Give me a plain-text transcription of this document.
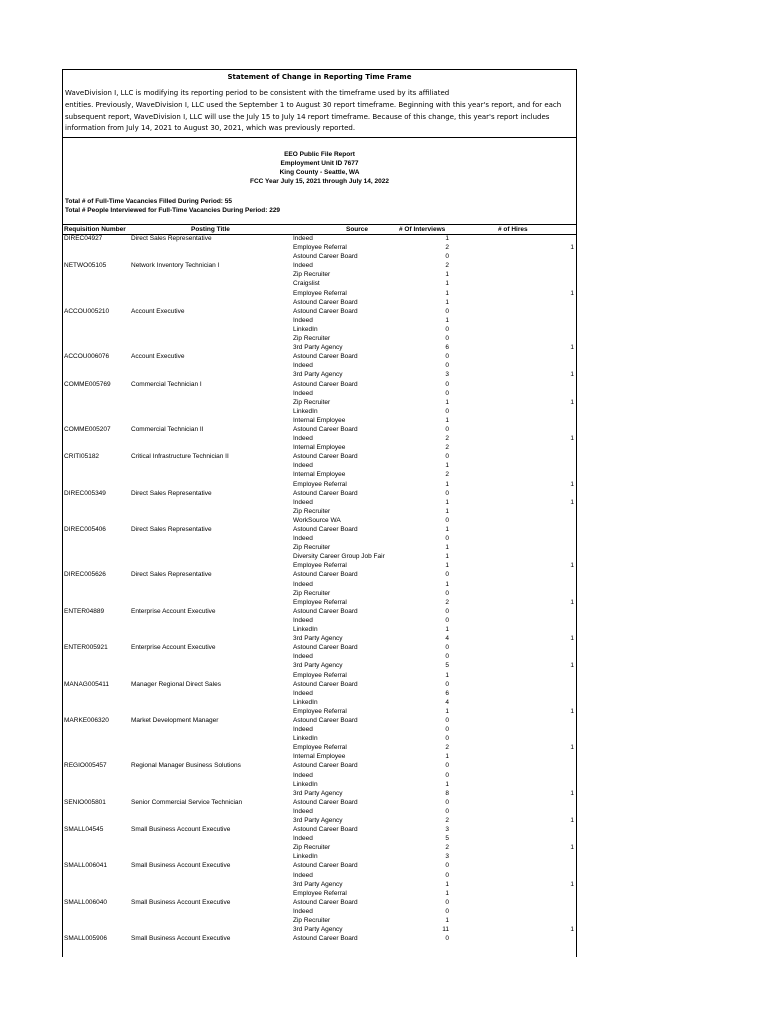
Statement of Change in Reporting Time Frame
WaveDivision I, LLC is modifying its reporting period to be consistent with the timeframe used by its affiliated
entities. Previously, WaveDivision I, LLC used the September 1 to August 30 report timeframe. Beginning with this year's report, and for each
subsequent report, WaveDivision I, LLC will use the July 15 to July 14 report timeframe. Because of this change, this year's report includes
information from July 14, 2021 to August 30, 2021, which was previously reported.
EEO Public File Report
Employment Unit ID 7677
King County - Seattle, WA
FCC Year July 15, 2021 through July 14, 2022
Total # of Full-Time Vacancies Filled During Period: 55
Total # People Interviewed for Full-Time Vacancies During Period: 229
Requisition Number	Posting Title	Source	# Of Interviews	# of Hires
DIREC04927	Direct Sales Representative	Indeed	1
Employee Referral	2	1
Astound Career Board	0
NETWO05105	Network Inventory Technician I	Indeed	2
Zip Recruiter	1
Craigslist	1
Employee Referral	1	1
Astound Career Board	1
ACCOU005210	Account Executive	Astound Career Board	0
Indeed	1
LinkedIn	0
Zip Recruiter	0
3rd Party Agency	6	1
ACCOU006076	Account Executive	Astound Career Board	0
Indeed	0
3rd Party Agency	3	1
COMME005769	Commercial Technician I	Astound Career Board	0
Indeed	0
Zip Recruiter	1	1
LinkedIn	0
Internal Employee	1
COMME005207	Commercial Technician II	Astound Career Board	0
Indeed	2	1
Internal Employee	2
CRITI05182	Critical Infrastructure Technician II	Astound Career Board	0
Indeed	1
Internal Employee	2
Employee Referral	1	1
DIREC005349	Direct Sales Representative	Astound Career Board	0
Indeed	1	1
Zip Recruiter	1
WorkSource WA	0
DIREC005406	Direct Sales Representative	Astound Career Board	1
Indeed	0
Zip Recruiter	1
Diversity Career Group Job Fair	1
Employee Referral	1	1
DIREC005626	Direct Sales Representative	Astound Career Board	0
Indeed	1
Zip Recruiter	0
Employee Referral	2	1
ENTER04889	Enterprise Account Executive	Astound Career Board	0
Indeed	0
LinkedIn	1
3rd Party Agency	4	1
ENTER005921	Enterprise Account Executive	Astound Career Board	0
Indeed	0
3rd Party Agency	5	1
Employee Referral	1
MANAG005411	Manager Regional Direct Sales	Astound Career Board	0
Indeed	6
LinkedIn	4
Employee Referral	1	1
MARKE006320	Market Development Manager	Astound Career Board	0
Indeed	0
LinkedIn	0
Employee Referral	2	1
Internal Employee	1
REGIO005457	Regional Manager Business Solutions	Astound Career Board	0
Indeed	0
LinkedIn	1
3rd Party Agency	8	1
SENIO005801	Senior Commercial Service Technician	Astound Career Board	0
Indeed	0
3rd Party Agency	2	1
SMALL04545	Small Business Account Executive	Astound Career Board	3
Indeed	5
Zip Recruiter	2	1
LinkedIn	3
SMALL006041	Small Business Account Executive	Astound Career Board	0
Indeed	0
3rd Party Agency	1	1
Employee Referral	1
SMALL006040	Small Business Account Executive	Astound Career Board	0
Indeed	0
Zip Recruiter	1
3rd Party Agency	11	1
SMALL005906	Small Business Account Executive	Astound Career Board	0
